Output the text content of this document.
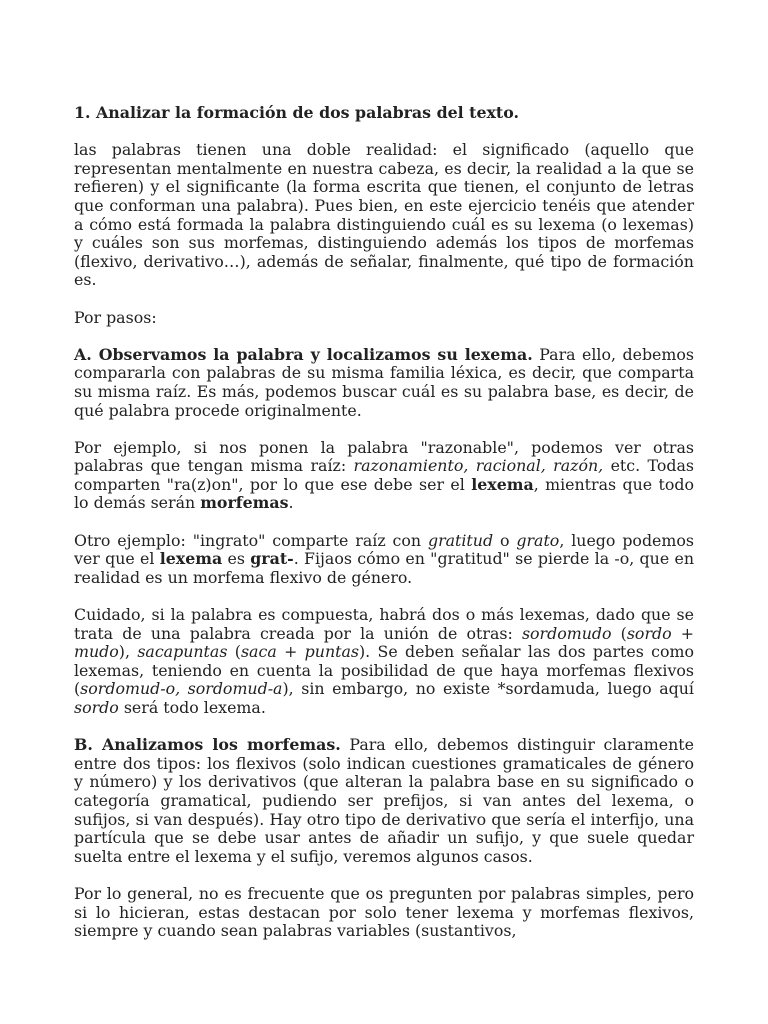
1. Analizar la formación de dos palabras del texto.

las palabras tienen una doble realidad: el significado (aquello que representan mentalmente en nuestra cabeza, es decir, la realidad a la que se refieren) y el significante (la forma escrita que tienen, el conjunto de letras que conforman una palabra). Pues bien, en este ejercicio tenéis que atender a cómo está formada la palabra distinguiendo cuál es su lexema (o lexemas) y cuáles son sus morfemas, distinguiendo además los tipos de morfemas (flexivo, derivativo…), además de señalar, finalmente, qué tipo de formación es.

Por pasos:

A. Observamos la palabra y localizamos su lexema. Para ello, debemos compararla con palabras de su misma familia léxica, es decir, que comparta su misma raíz. Es más, podemos buscar cuál es su palabra base, es decir, de qué palabra procede originalmente.

Por ejemplo, si nos ponen la palabra "razonable", podemos ver otras palabras que tengan misma raíz: razonamiento, racional, razón, etc. Todas comparten "ra(z)on", por lo que ese debe ser el lexema, mientras que todo lo demás serán morfemas.

Otro ejemplo: "ingrato" comparte raíz con gratitud o grato, luego podemos ver que el lexema es grat-. Fijaos cómo en "gratitud" se pierde la -o, que en realidad es un morfema flexivo de género.

Cuidado, si la palabra es compuesta, habrá dos o más lexemas, dado que se trata de una palabra creada por la unión de otras: sordomudo (sordo + mudo), sacapuntas (saca + puntas). Se deben señalar las dos partes como lexemas, teniendo en cuenta la posibilidad de que haya morfemas flexivos (sordomud-o, sordomud-a), sin embargo, no existe *sordamuda, luego aquí sordo será todo lexema.

B. Analizamos los morfemas. Para ello, debemos distinguir claramente entre dos tipos: los flexivos (solo indican cuestiones gramaticales de género y número) y los derivativos (que alteran la palabra base en su significado o categoría gramatical, pudiendo ser prefijos, si van antes del lexema, o sufijos, si van después). Hay otro tipo de derivativo que sería el interfijo, una partícula que se debe usar antes de añadir un sufijo, y que suele quedar suelta entre el lexema y el sufijo, veremos algunos casos.

Por lo general, no es frecuente que os pregunten por palabras simples, pero si lo hicieran, estas destacan por solo tener lexema y morfemas flexivos, siempre y cuando sean palabras variables (sustantivos,
